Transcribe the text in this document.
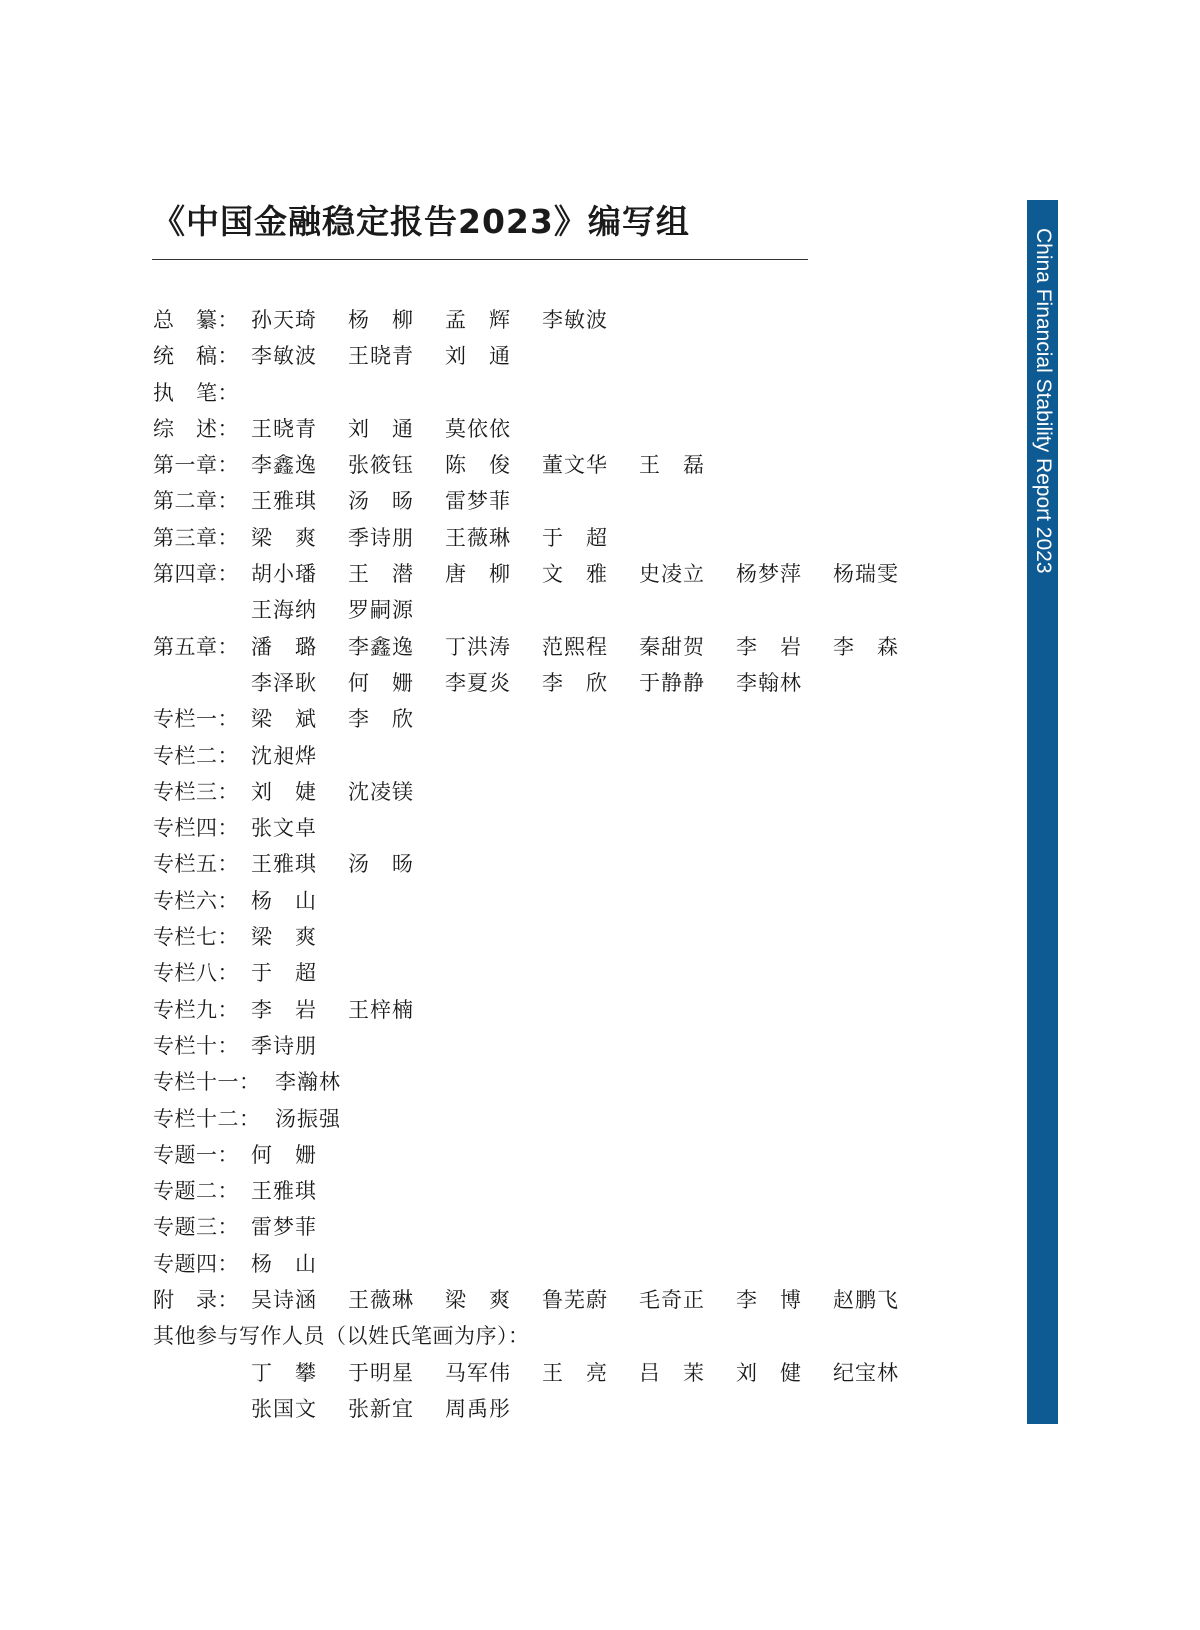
《中国金融稳定报告2023》编写组
China Financial Stability Report 2023
总　纂： 孙天琦 杨　柳 孟　辉 李敏波
统　稿： 李敏波 王晓青 刘　通
执　笔：
综　述： 王晓青 刘　通 莫依依
第一章： 李鑫逸 张筱钰 陈　俊 董文华 王　磊
第二章： 王雅琪 汤　旸 雷梦菲
第三章： 梁　爽 季诗朋 王薇琳 于　超
第四章： 胡小璠 王　潜 唐　柳 文　雅 史凌立 杨梦萍 杨瑞雯
王海纳 罗嗣源
第五章： 潘　璐 李鑫逸 丁洪涛 范熙程 秦甜贺 李　岩 李　森
李泽耿 何　姗 李夏炎 李　欣 于静静 李翰林
专栏一： 梁　斌 李　欣
专栏二： 沈昶烨
专栏三： 刘　婕 沈凌镁
专栏四： 张文卓
专栏五： 王雅琪 汤　旸
专栏六： 杨　山
专栏七： 梁　爽
专栏八： 于　超
专栏九： 李　岩 王梓楠
专栏十： 季诗朋
专栏十一： 李瀚林
专栏十二： 汤振强
专题一： 何　姗
专题二： 王雅琪
专题三： 雷梦菲
专题四： 杨　山
附　录： 吴诗涵 王薇琳 梁　爽 鲁芜蔚 毛奇正 李　博 赵鹏飞
其他参与写作人员（以姓氏笔画为序）：
丁　攀 于明星 马军伟 王　亮 吕　茉 刘　健 纪宝林
张国文 张新宜 周禹彤
